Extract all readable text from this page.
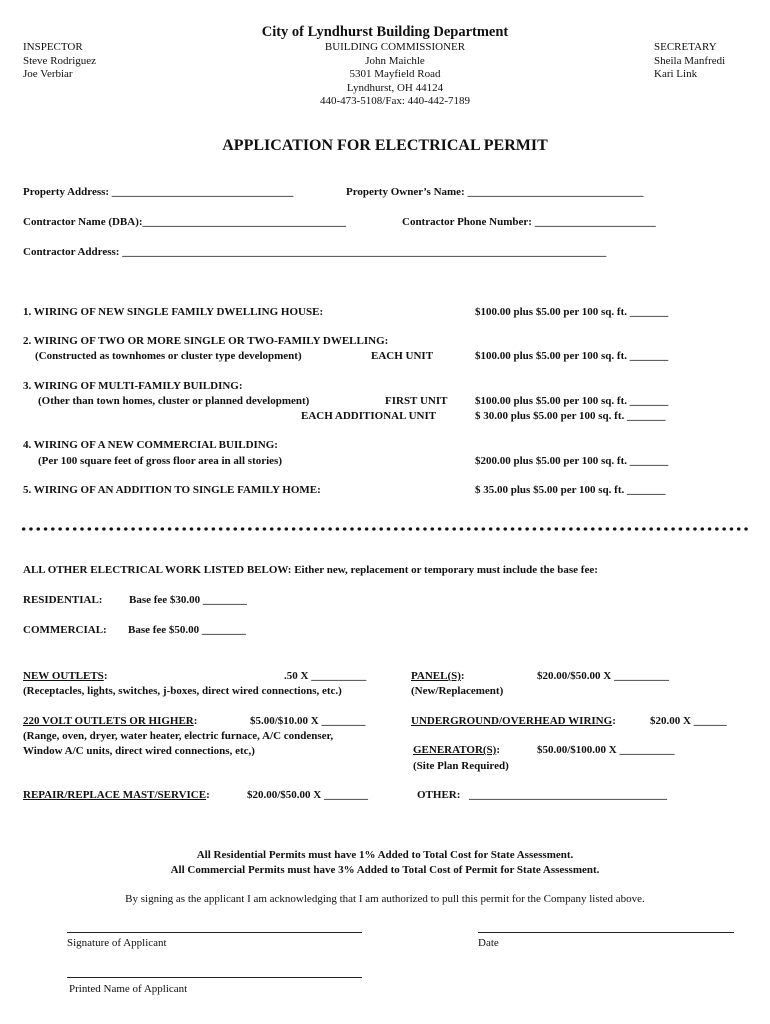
City of Lyndhurst Building Department
INSPECTOR
Steve Rodriguez
Joe Verbiar
BUILDING COMMISSIONER
John Maichle
5301 Mayfield Road
Lyndhurst, OH 44124
440-473-5108/Fax: 440-442-7189
SECRETARY
Sheila Manfredi
Kari Link
APPLICATION FOR ELECTRICAL PERMIT
Property Address: _________________________________	Property Owner’s Name: ________________________________
Contractor Name (DBA):_____________________________________	Contractor Phone Number: ______________________
Contractor Address: ________________________________________________________________________________________
1. WIRING OF NEW SINGLE FAMILY DWELLING HOUSE:	$100.00 plus $5.00 per 100 sq. ft. _______
2. WIRING OF TWO OR MORE SINGLE OR TWO-FAMILY DWELLING:
(Constructed as townhomes or cluster type development)	EACH UNIT	$100.00 plus $5.00 per 100 sq. ft. _______
3. WIRING OF MULTI-FAMILY BUILDING:
(Other than town homes, cluster or planned development)	FIRST UNIT	$100.00 plus $5.00 per 100 sq. ft. _______
EACH ADDITIONAL UNIT	$ 30.00 plus $5.00 per 100 sq. ft. _______
4. WIRING OF A NEW COMMERCIAL BUILDING:
(Per 100 square feet of gross floor area in all stories)	$200.00 plus $5.00 per 100 sq. ft. _______
5. WIRING OF AN ADDITION TO SINGLE FAMILY HOME:	$ 35.00 plus $5.00 per 100 sq. ft. _______
ALL OTHER ELECTRICAL WORK LISTED BELOW: Either new, replacement or temporary must include the base fee:
RESIDENTIAL: Base fee $30.00 ________
COMMERCIAL: Base fee $50.00 ________
NEW OUTLETS:	.50 X __________
(Receptacles, lights, switches, j-boxes, direct wired connections, etc.)
PANEL(S):	$20.00/$50.00 X __________
(New/Replacement)
220 VOLT OUTLETS OR HIGHER:	$5.00/$10.00 X ________
(Range, oven, dryer, water heater, electric furnace, A/C condenser,
Window A/C units, direct wired connections, etc,)
UNDERGROUND/OVERHEAD WIRING:	$20.00 X ______
GENERATOR(S):	$50.00/$100.00 X __________
(Site Plan Required)
REPAIR/REPLACE MAST/SERVICE:	$20.00/$50.00 X ________	OTHER: ____________________________________
All Residential Permits must have 1% Added to Total Cost for State Assessment.
All Commercial Permits must have 3% Added to Total Cost of Permit for State Assessment.
By signing as the applicant I am acknowledging that I am authorized to pull this permit for the Company listed above.
Signature of Applicant	Date
Printed Name of Applicant
